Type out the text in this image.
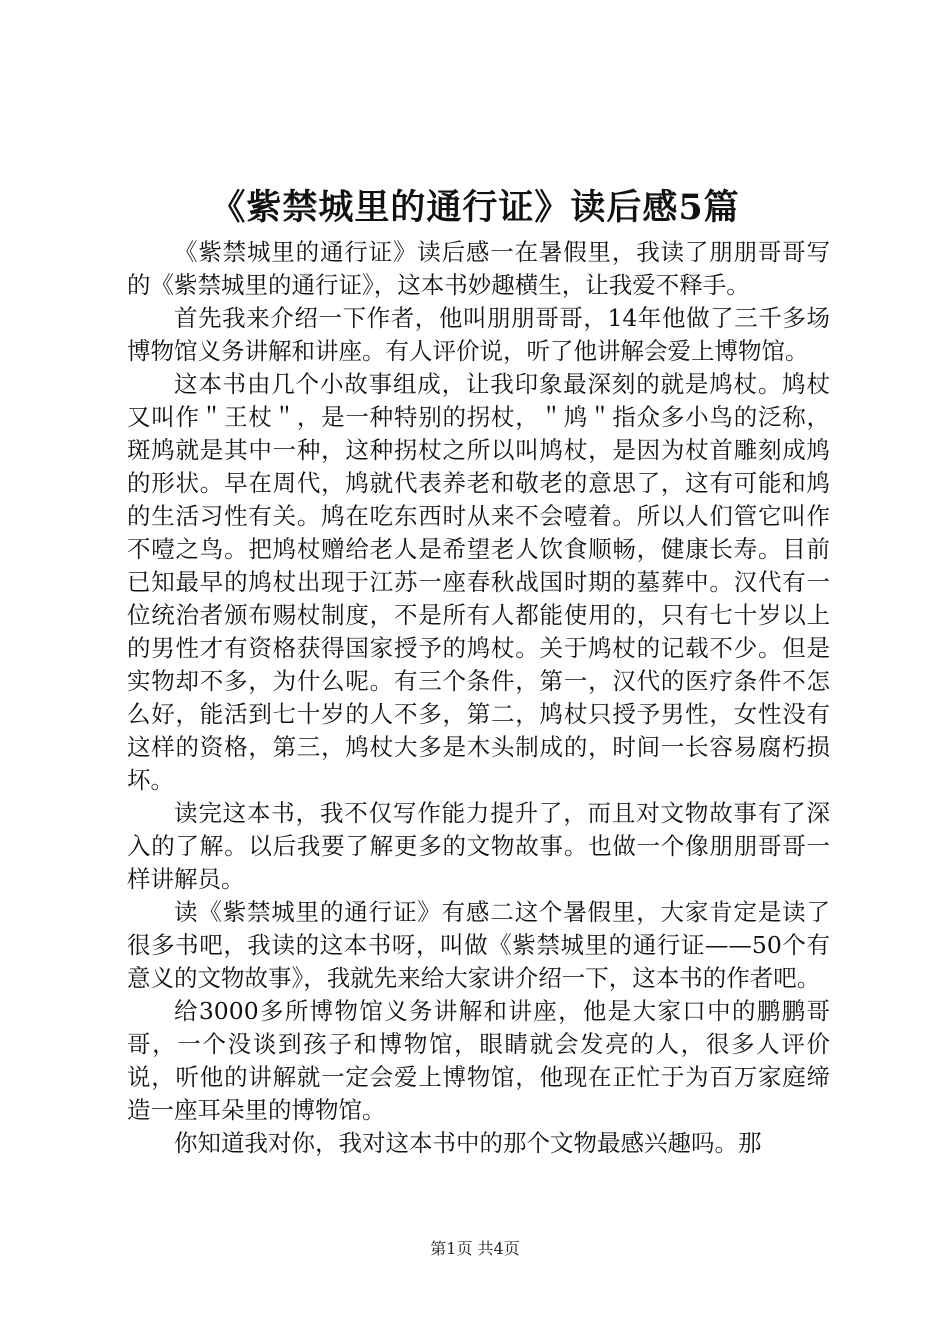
《紫禁城里的通行证》读后感5篇

《紫禁城里的通行证》读后感一在暑假里，我读了朋朋哥哥写的《紫禁城里的通行证》，这本书妙趣横生，让我爱不释手。

首先我来介绍一下作者，他叫朋朋哥哥，14年他做了三千多场博物馆义务讲解和讲座。有人评价说，听了他讲解会爱上博物馆。

这本书由几个小故事组成，让我印象最深刻的就是鸠杖。鸠杖又叫作＂王杖＂，是一种特别的拐杖，＂鸠＂指众多小鸟的泛称，斑鸠就是其中一种，这种拐杖之所以叫鸠杖，是因为杖首雕刻成鸠的形状。早在周代，鸠就代表养老和敬老的意思了，这有可能和鸠的生活习性有关。鸠在吃东西时从来不会噎着。所以人们管它叫作不噎之鸟。把鸠杖赠给老人是希望老人饮食顺畅，健康长寿。目前已知最早的鸠杖出现于江苏一座春秋战国时期的墓葬中。汉代有一位统治者颁布赐杖制度，不是所有人都能使用的，只有七十岁以上的男性才有资格获得国家授予的鸠杖。关于鸠杖的记载不少。但是实物却不多，为什么呢。有三个条件，第一，汉代的医疗条件不怎么好，能活到七十岁的人不多，第二，鸠杖只授予男性，女性没有这样的资格，第三，鸠杖大多是木头制成的，时间一长容易腐朽损坏。

读完这本书，我不仅写作能力提升了，而且对文物故事有了深入的了解。以后我要了解更多的文物故事。也做一个像朋朋哥哥一样讲解员。

读《紫禁城里的通行证》有感二这个暑假里，大家肯定是读了很多书吧，我读的这本书呀，叫做《紫禁城里的通行证——50个有意义的文物故事》，我就先来给大家讲介绍一下，这本书的作者吧。

给3000多所博物馆义务讲解和讲座，他是大家口中的鹏鹏哥哥，一个没谈到孩子和博物馆，眼睛就会发亮的人，很多人评价说，听他的讲解就一定会爱上博物馆，他现在正忙于为百万家庭缔造一座耳朵里的博物馆。

你知道我对你，我对这本书中的那个文物最感兴趣吗。那

第1页 共4页
